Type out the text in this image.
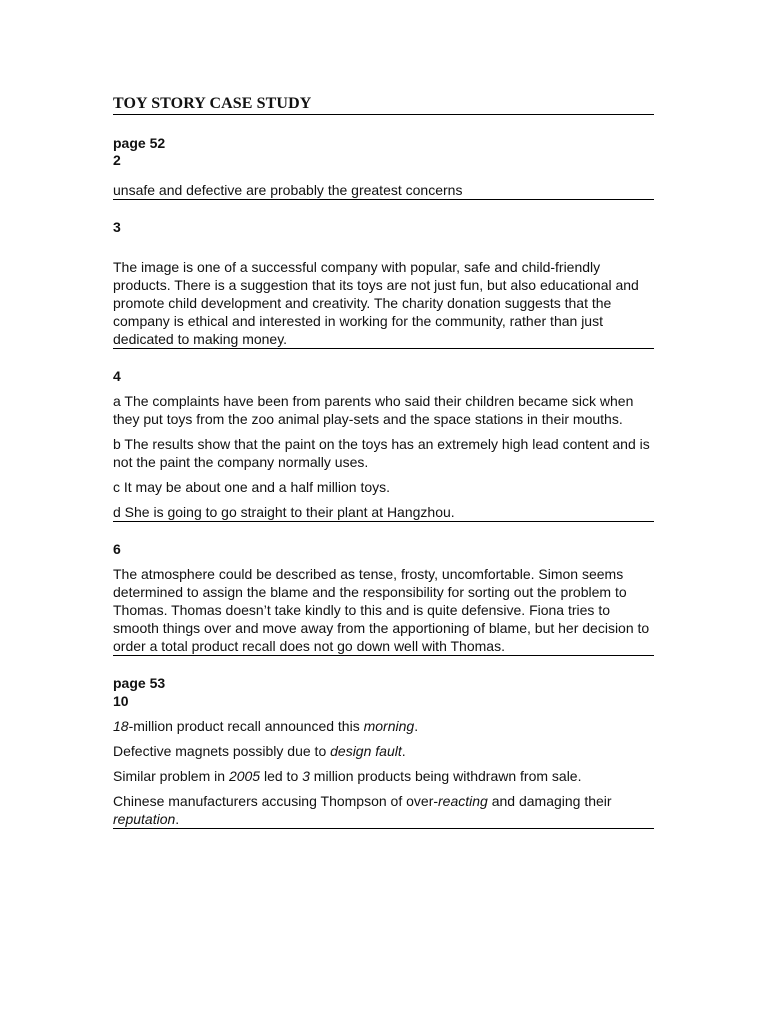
TOY STORY CASE STUDY
page 52
2

unsafe and defective are probably the greatest concerns

3

The image is one of a successful company with popular, safe and child-friendly products. There is a suggestion that its toys are not just fun, but also educational and promote child development and creativity. The charity donation suggests that the company is ethical and interested in working for the community, rather than just dedicated to making money.

4

a The complaints have been from parents who said their children became sick when they put toys from the zoo animal play-sets and the space stations in their mouths.

b The results show that the paint on the toys has an extremely high lead content and is not the paint the company normally uses.

c It may be about one and a half million toys.

d She is going to go straight to their plant at Hangzhou.

6

The atmosphere could be described as tense, frosty, uncomfortable. Simon seems determined to assign the blame and the responsibility for sorting out the problem to Thomas. Thomas doesn’t take kindly to this and is quite defensive. Fiona tries to smooth things over and move away from the apportioning of blame, but her decision to order a total product recall does not go down well with Thomas.

page 53
10

18-million product recall announced this morning.

Defective magnets possibly due to design fault.

Similar problem in 2005 led to 3 million products being withdrawn from sale.

Chinese manufacturers accusing Thompson of over-reacting and damaging their reputation.
